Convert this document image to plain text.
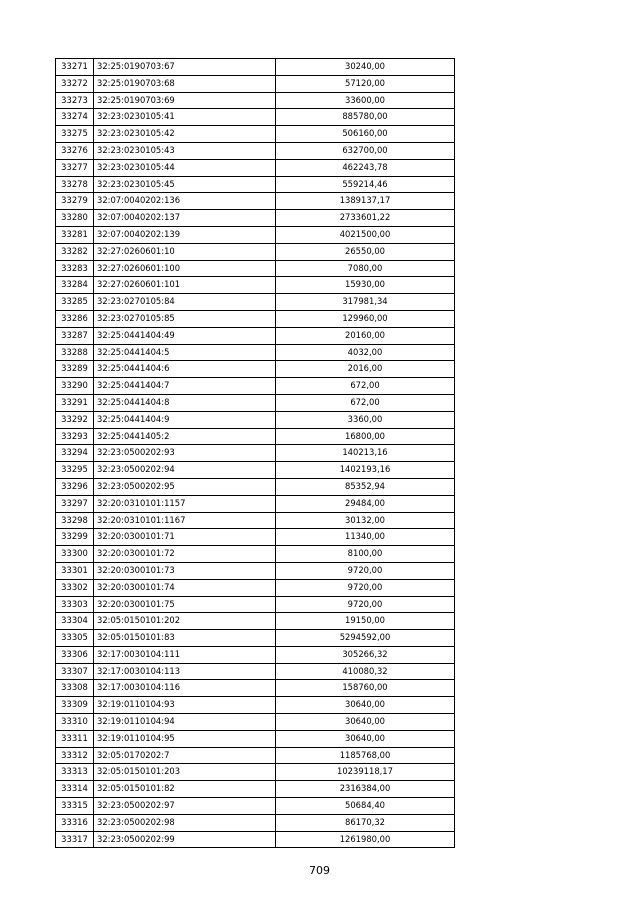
33271	32:25:0190703:67	30240,00
33272	32:25:0190703:68	57120,00
33273	32:25:0190703:69	33600,00
33274	32:23:0230105:41	885780,00
33275	32:23:0230105:42	506160,00
33276	32:23:0230105:43	632700,00
33277	32:23:0230105:44	462243,78
33278	32:23:0230105:45	559214,46
33279	32:07:0040202:136	1389137,17
33280	32:07:0040202:137	2733601,22
33281	32:07:0040202:139	4021500,00
33282	32:27:0260601:10	26550,00
33283	32:27:0260601:100	7080,00
33284	32:27:0260601:101	15930,00
33285	32:23:0270105:84	317981,34
33286	32:23:0270105:85	129960,00
33287	32:25:0441404:49	20160,00
33288	32:25:0441404:5	4032,00
33289	32:25:0441404:6	2016,00
33290	32:25:0441404:7	672,00
33291	32:25:0441404:8	672,00
33292	32:25:0441404:9	3360,00
33293	32:25:0441405:2	16800,00
33294	32:23:0500202:93	140213,16
33295	32:23:0500202:94	1402193,16
33296	32:23:0500202:95	85352,94
33297	32:20:0310101:1157	29484,00
33298	32:20:0310101:1167	30132,00
33299	32:20:0300101:71	11340,00
33300	32:20:0300101:72	8100,00
33301	32:20:0300101:73	9720,00
33302	32:20:0300101:74	9720,00
33303	32:20:0300101:75	9720,00
33304	32:05:0150101:202	19150,00
33305	32:05:0150101:83	5294592,00
33306	32:17:0030104:111	305266,32
33307	32:17:0030104:113	410080,32
33308	32:17:0030104:116	158760,00
33309	32:19:0110104:93	30640,00
33310	32:19:0110104:94	30640,00
33311	32:19:0110104:95	30640,00
33312	32:05:0170202:7	1185768,00
33313	32:05:0150101:203	10239118,17
33314	32:05:0150101:82	2316384,00
33315	32:23:0500202:97	50684,40
33316	32:23:0500202:98	86170,32
33317	32:23:0500202:99	1261980,00
709
